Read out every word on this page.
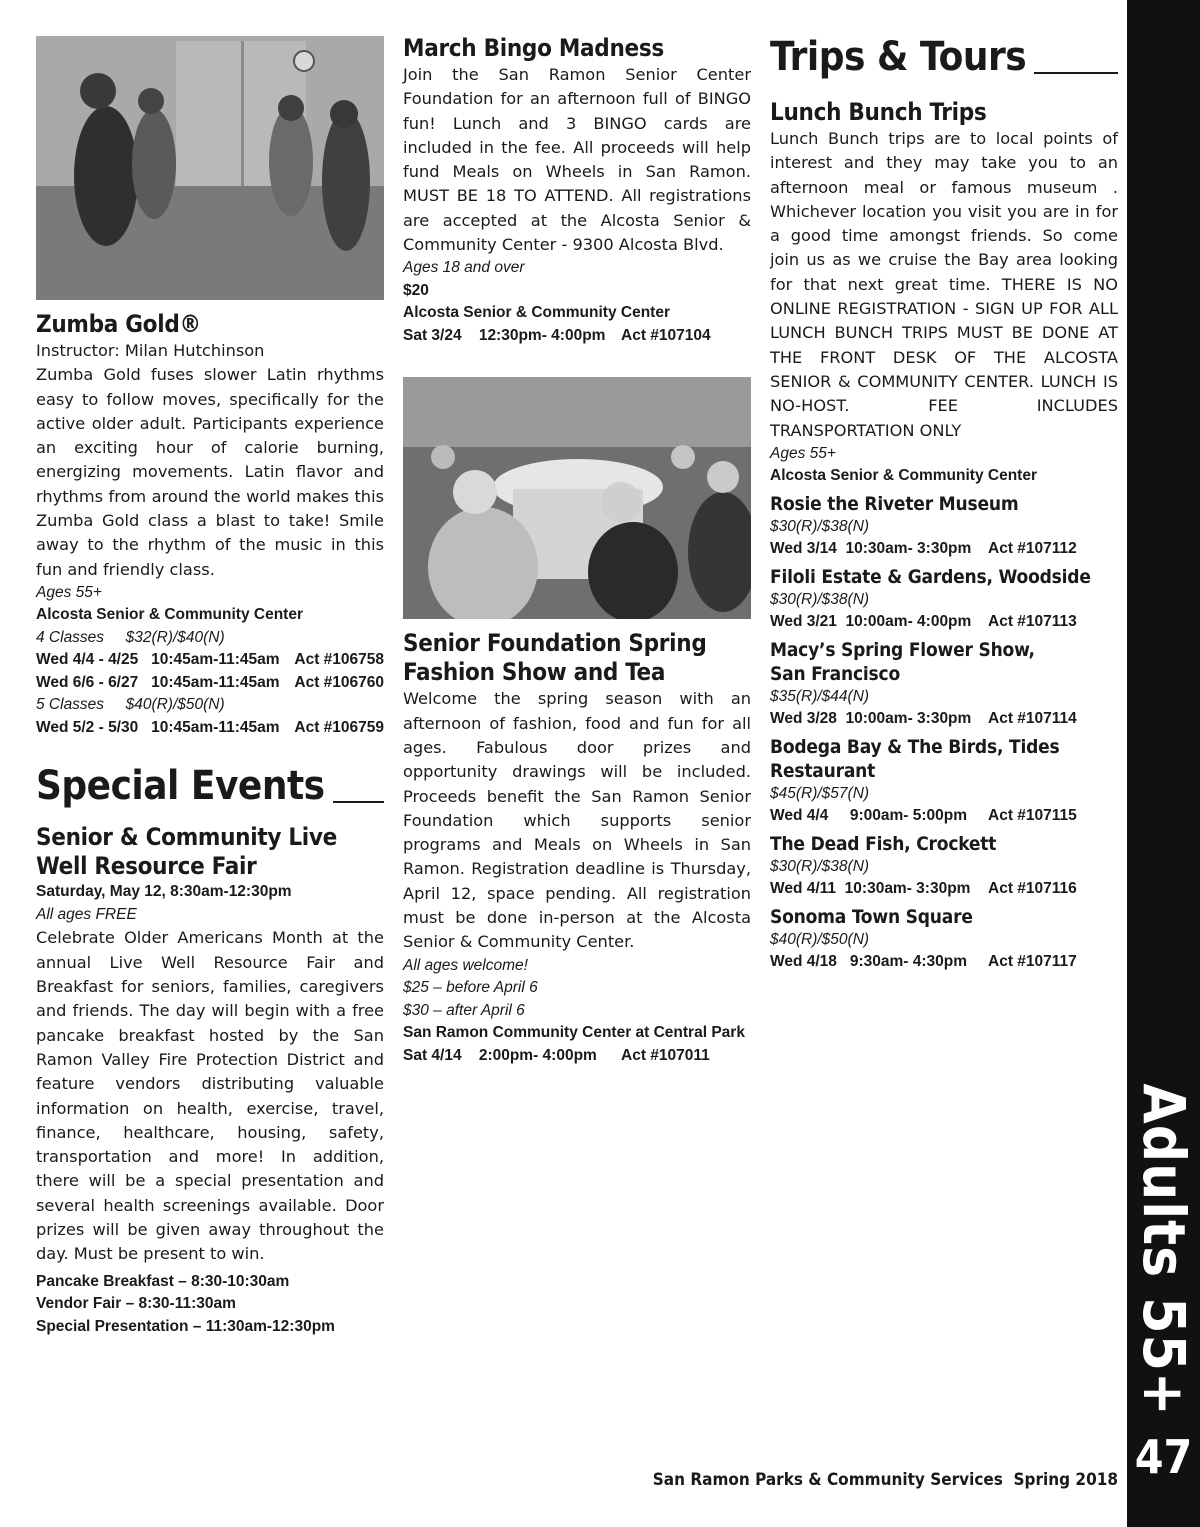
Zumba Gold®

Instructor: Milan Hutchinson

Zumba Gold fuses slower Latin rhythms easy to follow moves, specifically for the active older adult. Participants experience an exciting hour of calorie burning, energizing movements. Latin flavor and rhythms from around the world makes this Zumba Gold class a blast to take! Smile away to the rhythm of the music in this fun and friendly class.

Ages 55+

Alcosta Senior & Community Center

4 Classes     $32(R)/$40(N)

Wed 4/4 - 4/25   10:45am-11:45am Act #106758
Wed 6/6 - 6/27   10:45am-11:45am Act #106760

5 Classes     $40(R)/$50(N)

Wed 5/2 - 5/30   10:45am-11:45am Act #106759
Special Events
Senior & Community Live Well Resource Fair

Saturday, May 12, 8:30am-12:30pm

All ages FREE

Celebrate Older Americans Month at the annual Live Well Resource Fair and Breakfast for seniors, families, caregivers and friends. The day will begin with a free pancake breakfast hosted by the San Ramon Valley Fire Protection District and feature vendors distributing valuable information on health, exercise, travel, finance, healthcare, housing, safety, transportation and more! In addition, there will be a special presentation and several health screenings available. Door prizes will be given away throughout the day. Must be present to win.

Pancake Breakfast – 8:30-10:30am

Vendor Fair – 8:30-11:30am

Special Presentation – 11:30am-12:30pm

March Bingo Madness

Join the San Ramon Senior Center Foundation for an afternoon full of BINGO fun! Lunch and 3 BINGO cards are included in the fee. All proceeds will help fund Meals on Wheels in San Ramon. MUST BE 18 TO ATTEND. All registrations are accepted at the Alcosta Senior & Community Center - 9300 Alcosta Blvd.

Ages 18 and over

$20

Alcosta Senior & Community Center

Sat 3/24    12:30pm- 4:00pm	Act #107104
Senior Foundation Spring Fashion Show and Tea

Welcome the spring season with an afternoon of fashion, food and fun for all ages. Fabulous door prizes and opportunity drawings will be included. Proceeds benefit the San Ramon Senior Foundation which supports senior programs and Meals on Wheels in San Ramon. Registration deadline is Thursday, April 12, space pending. All registration must be done in-person at the Alcosta Senior & Community Center.

All ages welcome!

$25 – before April 6

$30 – after April 6

San Ramon Community Center at Central Park

Sat 4/14    2:00pm- 4:00pm	Act #107011
Trips & Tours
Lunch Bunch Trips

Lunch Bunch trips are to local points of interest and they may take you to an afternoon meal or famous museum . Whichever location you visit you are in for a good time amongst friends. So come join us as we cruise the Bay area looking for that next great time. THERE IS NO ONLINE REGISTRATION - SIGN UP FOR ALL LUNCH BUNCH TRIPS MUST BE DONE AT THE FRONT DESK OF THE ALCOSTA SENIOR & COMMUNITY CENTER. LUNCH IS NO-HOST. FEE INCLUDES TRANSPORTATION ONLY

Ages 55+

Alcosta Senior & Community Center

Rosie the Riveter Museum

$30(R)/$38(N)

Wed 3/14  10:30am- 3:30pm	Act #107112
Filoli Estate & Gardens, Woodside

$30(R)/$38(N)

Wed 3/21  10:00am- 4:00pm	Act #107113
Macy’s Spring Flower Show, San Francisco

$35(R)/$44(N)

Wed 3/28  10:00am- 3:30pm	Act #107114
Bodega Bay & The Birds, Tides Restaurant

$45(R)/$57(N)

Wed 4/4     9:00am- 5:00pm	Act #107115
The Dead Fish, Crockett

$30(R)/$38(N)

Wed 4/11  10:30am- 3:30pm	Act #107116
Sonoma Town Square

$40(R)/$50(N)

Wed 4/18   9:30am- 4:30pm	Act #107117
Adults 55+
47
San Ramon Parks & Community Services  Spring 2018
